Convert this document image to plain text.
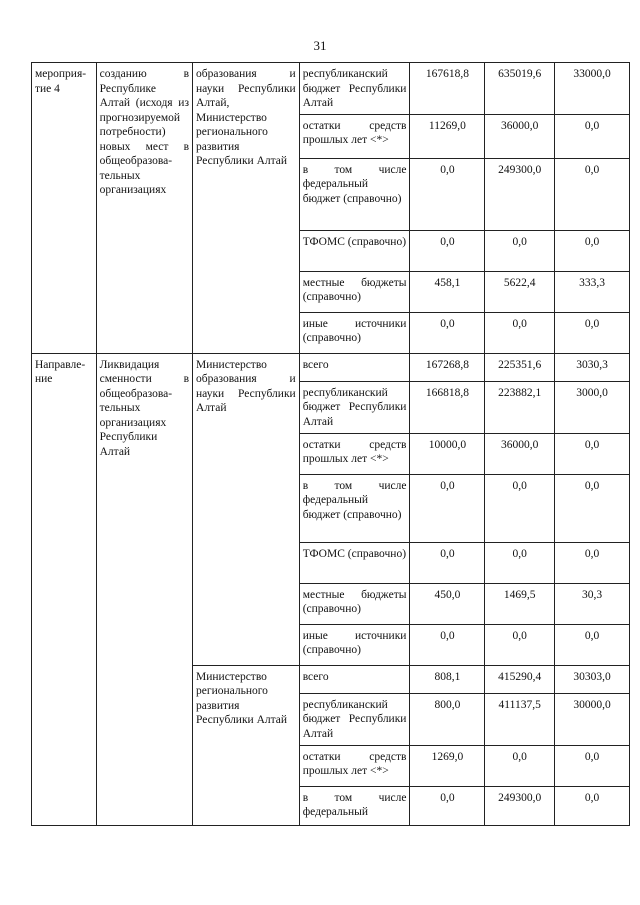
31
мероприя-
тие 4	созданию в Республике Алтай (исходя из прогнозируемой потребности) новых мест в общеобразова-тельных организациях	образования и науки Республики Алтай, Министерство регионального развития Республики Алтай	республиканский бюджет Республики Алтай	167618,8	635019,6	33000,0
			остатки средств прошлых лет <*>	11269,0	36000,0	0,0
			в том числе федеральный бюджет (справочно)	0,0	249300,0	0,0
			ТФОМС (справочно)	0,0	0,0	0,0
			местные бюджеты (справочно)	458,1	5622,4	333,3
			иные источники (справочно)	0,0	0,0	0,0
Направле-
ние	Ликвидация сменности в общеобразова-тельных организациях Республики Алтай	Министерство образования и науки Республики Алтай	всего	167268,8	225351,6	3030,3
			республиканский бюджет Республики Алтай	166818,8	223882,1	3000,0
			остатки средств прошлых лет <*>	10000,0	36000,0	0,0
			в том числе федеральный бюджет (справочно)	0,0	0,0	0,0
			ТФОМС (справочно)	0,0	0,0	0,0
			местные бюджеты (справочно)	450,0	1469,5	30,3
			иные источники (справочно)	0,0	0,0	0,0
		Министерство регионального развития Республики Алтай	всего	808,1	415290,4	30303,0
			республиканский бюджет Республики Алтай	800,0	411137,5	30000,0
			остатки средств прошлых лет <*>	1269,0	0,0	0,0
			в том числе федеральный	0,0	249300,0	0,0
